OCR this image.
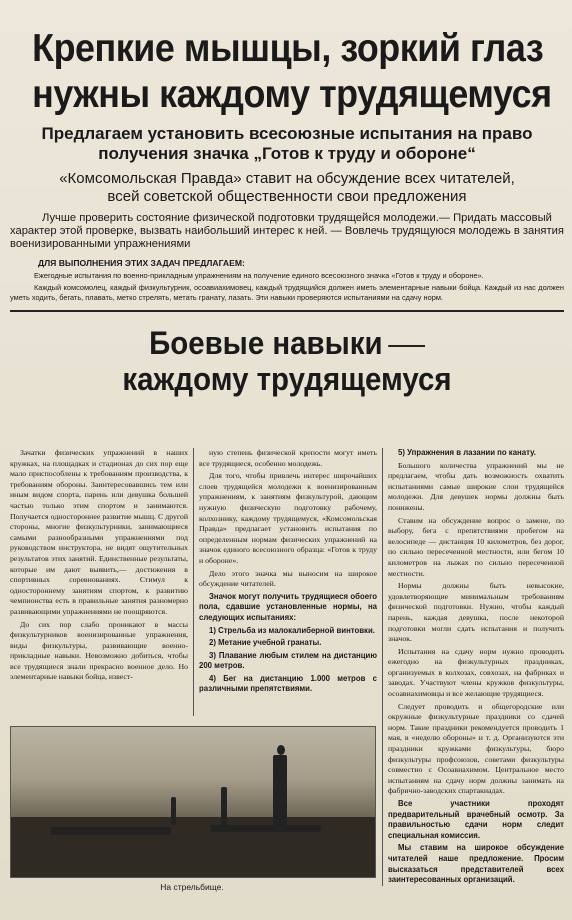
Крепкие мышцы, зоркий глаз
нужны каждому трудящемуся
Предлагаем установить всесоюзные испытания на право
получения значка „Готов к труду и обороне“
«Комсомольская Правда» ставит на обсуждение всех читателей,
всей советской общественности свои предложения
Лучше проверить состояние физической подготовки трудящейся молодежи.— Придать массовый характер этой проверке, вызвать наибольший интерес к ней. — Вовлечь трудящуюся молодежь в занятия военизированными упражнениями
ДЛЯ ВЫПОЛНЕНИЯ ЭТИХ ЗАДАЧ ПРЕДЛАГАЕМ:
Ежегодные испытания по военно-прикладным упражнениям на получение единого всесоюзного значка «Готов к труду и обороне».
Каждый комсомолец, каждый физкультурник, осоавиахимовец, каждый трудящийся должен иметь элементарные навыки бойца. Каждый из нас должен уметь ходить, бегать, плавать, метко стрелять, метать гранату, лазать. Эти навыки проверяются испытаниями на сдачу норм.
Боевые навыки
каждому трудящемуся

Зачатки физических упражнений в наших кружках, на площадках и стадионах до сих пор еще мало приспособлены к требованиям производства, к требованиям обороны. Заинтересовавшись тем или иным видом спорта, парень или девушка большей частью только этим спортом и занимаются. Получается одностороннее развитие мышц. С другой стороны, многие физкультурники, занимающиеся самыми разнообразными упражнениями под руководством инструктора, не видят ощутительных результатов этих занятий. Единственные результаты, которые им дают выявить,— достижения в спортивных соревнованиях. Стимул к одностороннему занятиям спортом, к развитию чемпионства есть в правильные занятия разномерно развивающими упражнениями не поощряются.

До сих пор слабо проникают в массы физкультурников военизированные упражнения, виды физкультуры, развивающие военно-прикладные навыки. Невозможно добиться, чтобы все трудящиеся знали прекрасно военное дело. Но элементарные навыки бойца, извест-

ную степень физической крепости могут иметь все трудящиеся, особенно молодежь.

Для того, чтобы привлечь интерес широчайших слоев трудящейся молодежи к военизированным упражнениям, к занятиям физкультурой, дающим нужную физическую подготовку рабочему, колхознику, каждому трудящемуся, «Комсомольская Правда» предлагает установить испытания по определенным нормам физических упражнений на значок единого всесоюзного образца: «Готов к труду и обороне».

Дело этого значка мы выносим на широкое обсуждение читателей.

Значок могут получить трудящиеся обоего пола, сдавшие установленные нормы, на следующих испытаниях:

1) Стрельба из малокалиберной винтовки.

2) Метание учебной гранаты.

3) Плавание любым стилем на дистанцию 200 метров.

4) Бег на дистанцию 1.000 метров с различными препятствиями.

5) Упражнения в лазании по канату.

Большого количества упражнений мы не предлагаем, чтобы дать возможность охватить испытаниями самые широкие слои трудящейся молодежи. Для девушек нормы должны быть понижены.

Ставим на обсуждение вопрос о замене, по выбору, бега с препятствиями пробегом на велосипеде — дистанция 10 километров, без дорог, по сильно пересеченной местности, или бегом 10 километров на лыжах по сильно пересеченной местности.

Нормы должны быть невысокие, удовлетворяющие минимальным требованиям физической подготовки. Нужно, чтобы каждый парень, каждая девушка, после некоторой подготовки могли сдать испытания и получить значок.

Испытания на сдачу норм нужно проводить ежегодно на физкультурных праздниках, организуемых в колхозах, совхозах, на фабриках и заводах. Участвуют члены кружков физкультуры, осоавиахимовцы и все желающие трудящиеся.

Следует проводить и общегородские или окружные физкультурные праздники со сдачей норм. Такие праздники рекомендуется проводить 1 мая, в «неделю обороны» и т. д. Организуются эти праздники кружками физкультуры, бюро физкультуры профсоюзов, советами физкультуры совместно с Осоавиахимом. Центральное место испытаниям на сдачу норм должны занимать на фабрично-заводских спартакиадах.

Все участники проходят предварительный врачебный осмотр. За правильностью сдачи норм следит специальная комиссия.

Мы ставим на широкое обсуждение читателей наше предложение. Просим высказаться представителей всех заинтересованных организаций.

На стрельбище.
